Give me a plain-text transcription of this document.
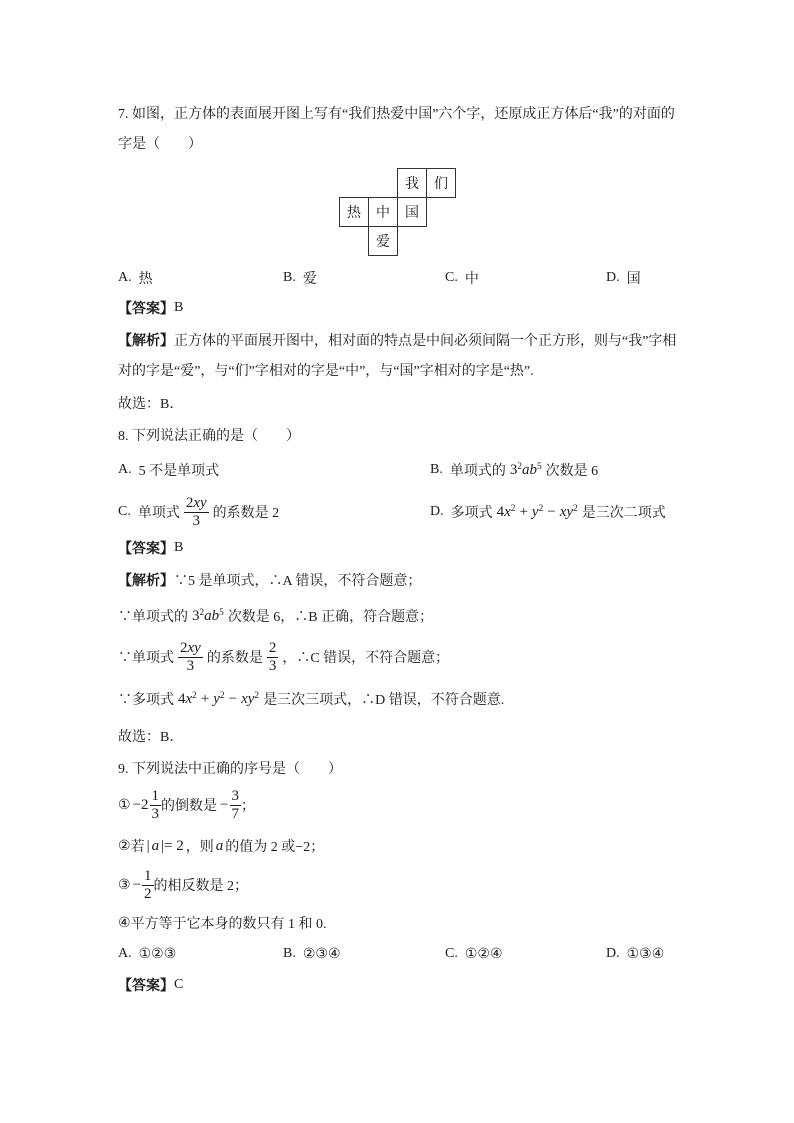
7. 如图，正方体的表面展开图上写有“我们热爱中国”六个字，还原成正方体后“我”的对面的
字是（　　）
我	们
热	中	国
爱
A. 热	B. 爱	C. 中	D. 国
【答案】 B
【解析】 正方体的平面展开图中，相对面的特点是中间必须间隔一个正方形，则与“我”字相
对的字是“爱”，与“们”字相对的字是“中”，与“国”字相对的字是“热”.
故选：B．
8. 下列说法正确的是（　　）
A. 5 不是单项式	B. 单项式的 $3^2ab^5$ 次数是 6
C. 单项式 $\frac{2xy}{3}$ 的系数是 2	D. 多项式 $4x^2 + y^2 - xy^2$ 是三次二项式
【答案】 B
【解析】 ∵5 是单项式，∴A 错误，不符合题意；
∵单项式的 $3^2ab^5$ 次数是 6，∴B 正确，符合题意；
∵单项式 $\frac{2xy}{3}$ 的系数是 $\frac{2}{3}$ ，∴C 错误，不符合题意；
∵多项式 $4x^2 + y^2 - xy^2$ 是三次三项式，∴D 错误，不符合题意.
故选：B．
9. 下列说法中正确的序号是（　　）
① $-2 \frac{1}{3}$ 的倒数是 − $\frac{3}{7}$ ；
② 若 | a |= 2 ，则 a 的值为 2 或−2；
③ − $\frac{1}{2}$ 的相反数是 2；
④ 平方等于它本身的数只有 1 和 0.
A. ①②③	B. ②③④	C. ①②④	D. ①③④
【答案】 C
